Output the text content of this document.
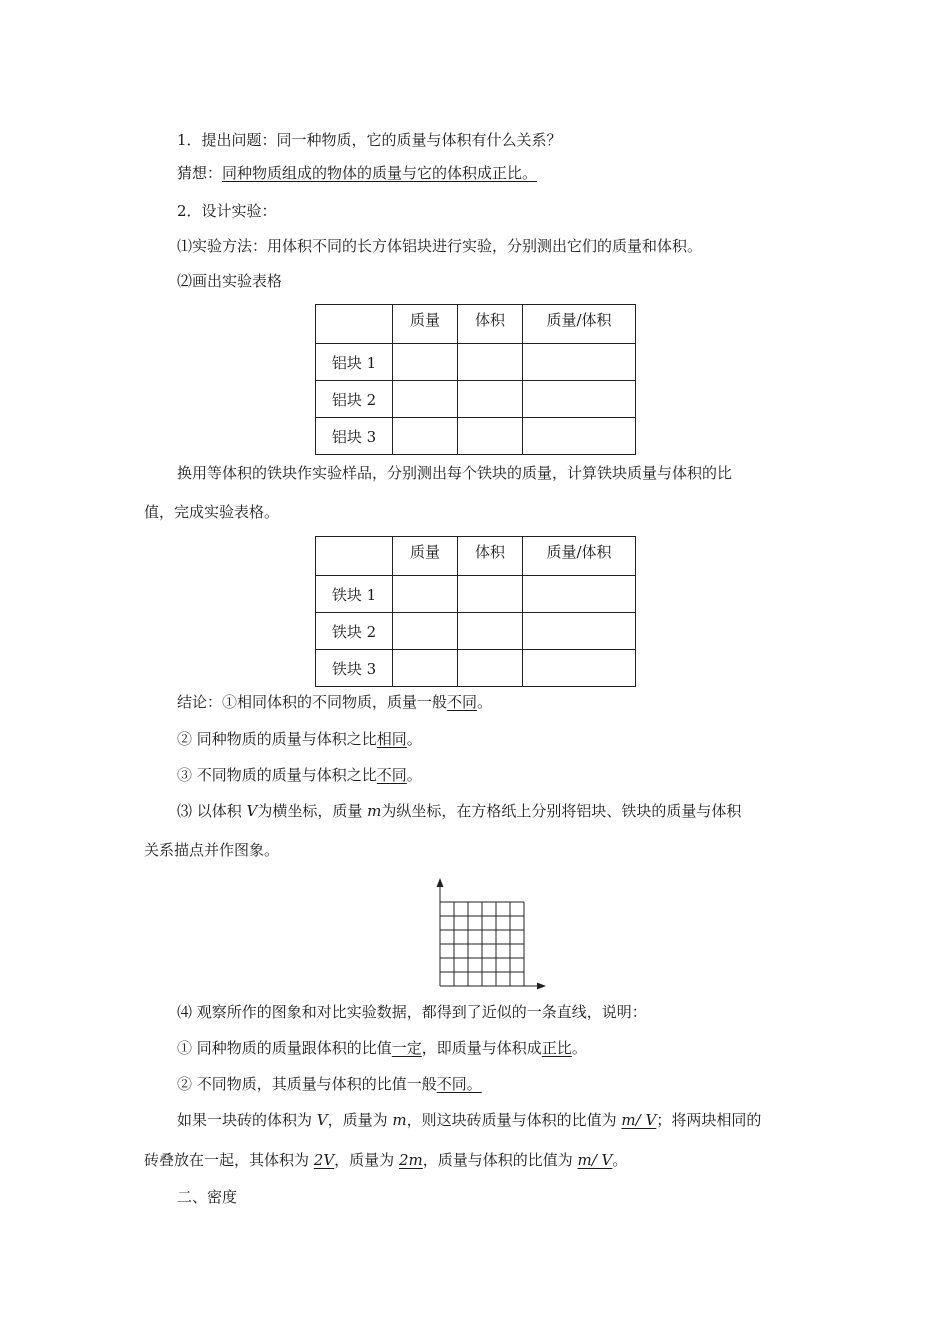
1．提出问题：同一种物质，它的质量与体积有什么关系？
猜想：同种物质组成的物体的质量与它的体积成正比。
2．设计实验：
⑴实验方法：用体积不同的长方体铝块进行实验，分别测出它们的质量和体积。
⑵画出实验表格
	质量	体积	质量/体积
铝块 1			
铝块 2			
铝块 3			
换用等体积的铁块作实验样品，分别测出每个铁块的质量，计算铁块质量与体积的比
值，完成实验表格。
	质量	体积	质量/体积
铁块 1			
铁块 2			
铁块 3			
结论：①相同体积的不同物质，质量一般不同。
② 同种物质的质量与体积之比相同。
③ 不同物质的质量与体积之比不同。
⑶ 以体积 V为横坐标，质量 m为纵坐标，在方格纸上分别将铝块、铁块的质量与体积
关系描点并作图象。
⑷ 观察所作的图象和对比实验数据，都得到了近似的一条直线，说明：
① 同种物质的质量跟体积的比值一定，即质量与体积成正比。
② 不同物质，其质量与体积的比值一般不同。
如果一块砖的体积为 V，质量为 m，则这块砖质量与体积的比值为 m/ V；将两块相同的
砖叠放在一起，其体积为 2V，质量为 2m，质量与体积的比值为 m/ V。
二、密度
